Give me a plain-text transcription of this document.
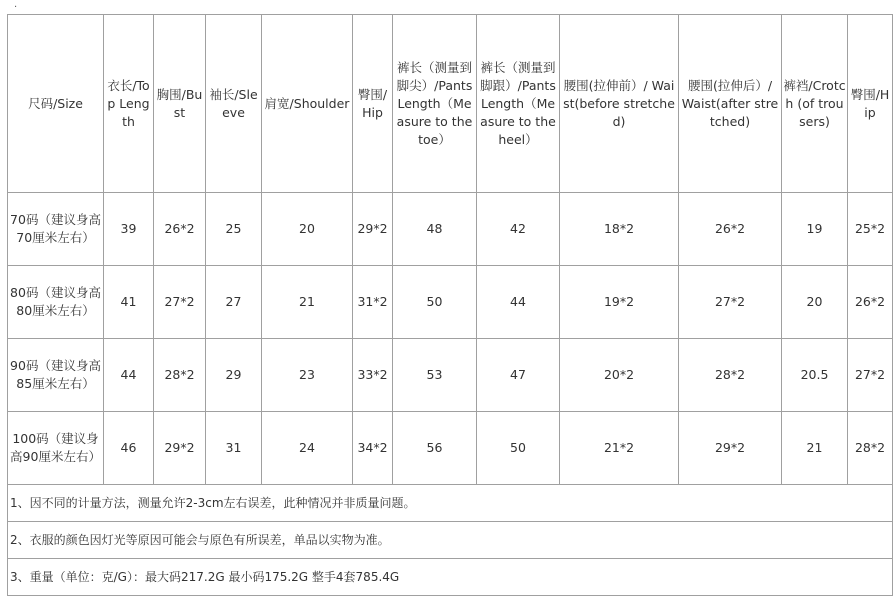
.
尺码/Size	衣长/Top Length	胸围/Bust	袖长/Sleeve	肩宽/Shoulder	臀围/Hip	裤长（测量到脚尖）/Pants Length（Measure to the toe）	裤长（测量到脚跟）/Pants Length（Measure to the heel）	腰围(拉伸前）/ Waist(before stretched)	腰围(拉伸后）/ Waist(after stretched)	裤裆/Crotch (of trousers)	臀围/Hip
70码（建议身高70厘米左右）	39	26*2	25	20	29*2	48	42	18*2	26*2	19	25*2
80码（建议身高80厘米左右）	41	27*2	27	21	31*2	50	44	19*2	27*2	20	26*2
90码（建议身高85厘米左右）	44	28*2	29	23	33*2	53	47	20*2	28*2	20.5	27*2
100码（建议身高90厘米左右）	46	29*2	31	24	34*2	56	50	21*2	29*2	21	28*2
1、因不同的计量方法，测量允许2-3cm左右误差，此种情况并非质量问题。											
2、衣服的颜色因灯光等原因可能会与原色有所误差，单品以实物为准。											
3、重量（单位：克/G）：最大码217.2G 最小码175.2G 整手4套785.4G											
